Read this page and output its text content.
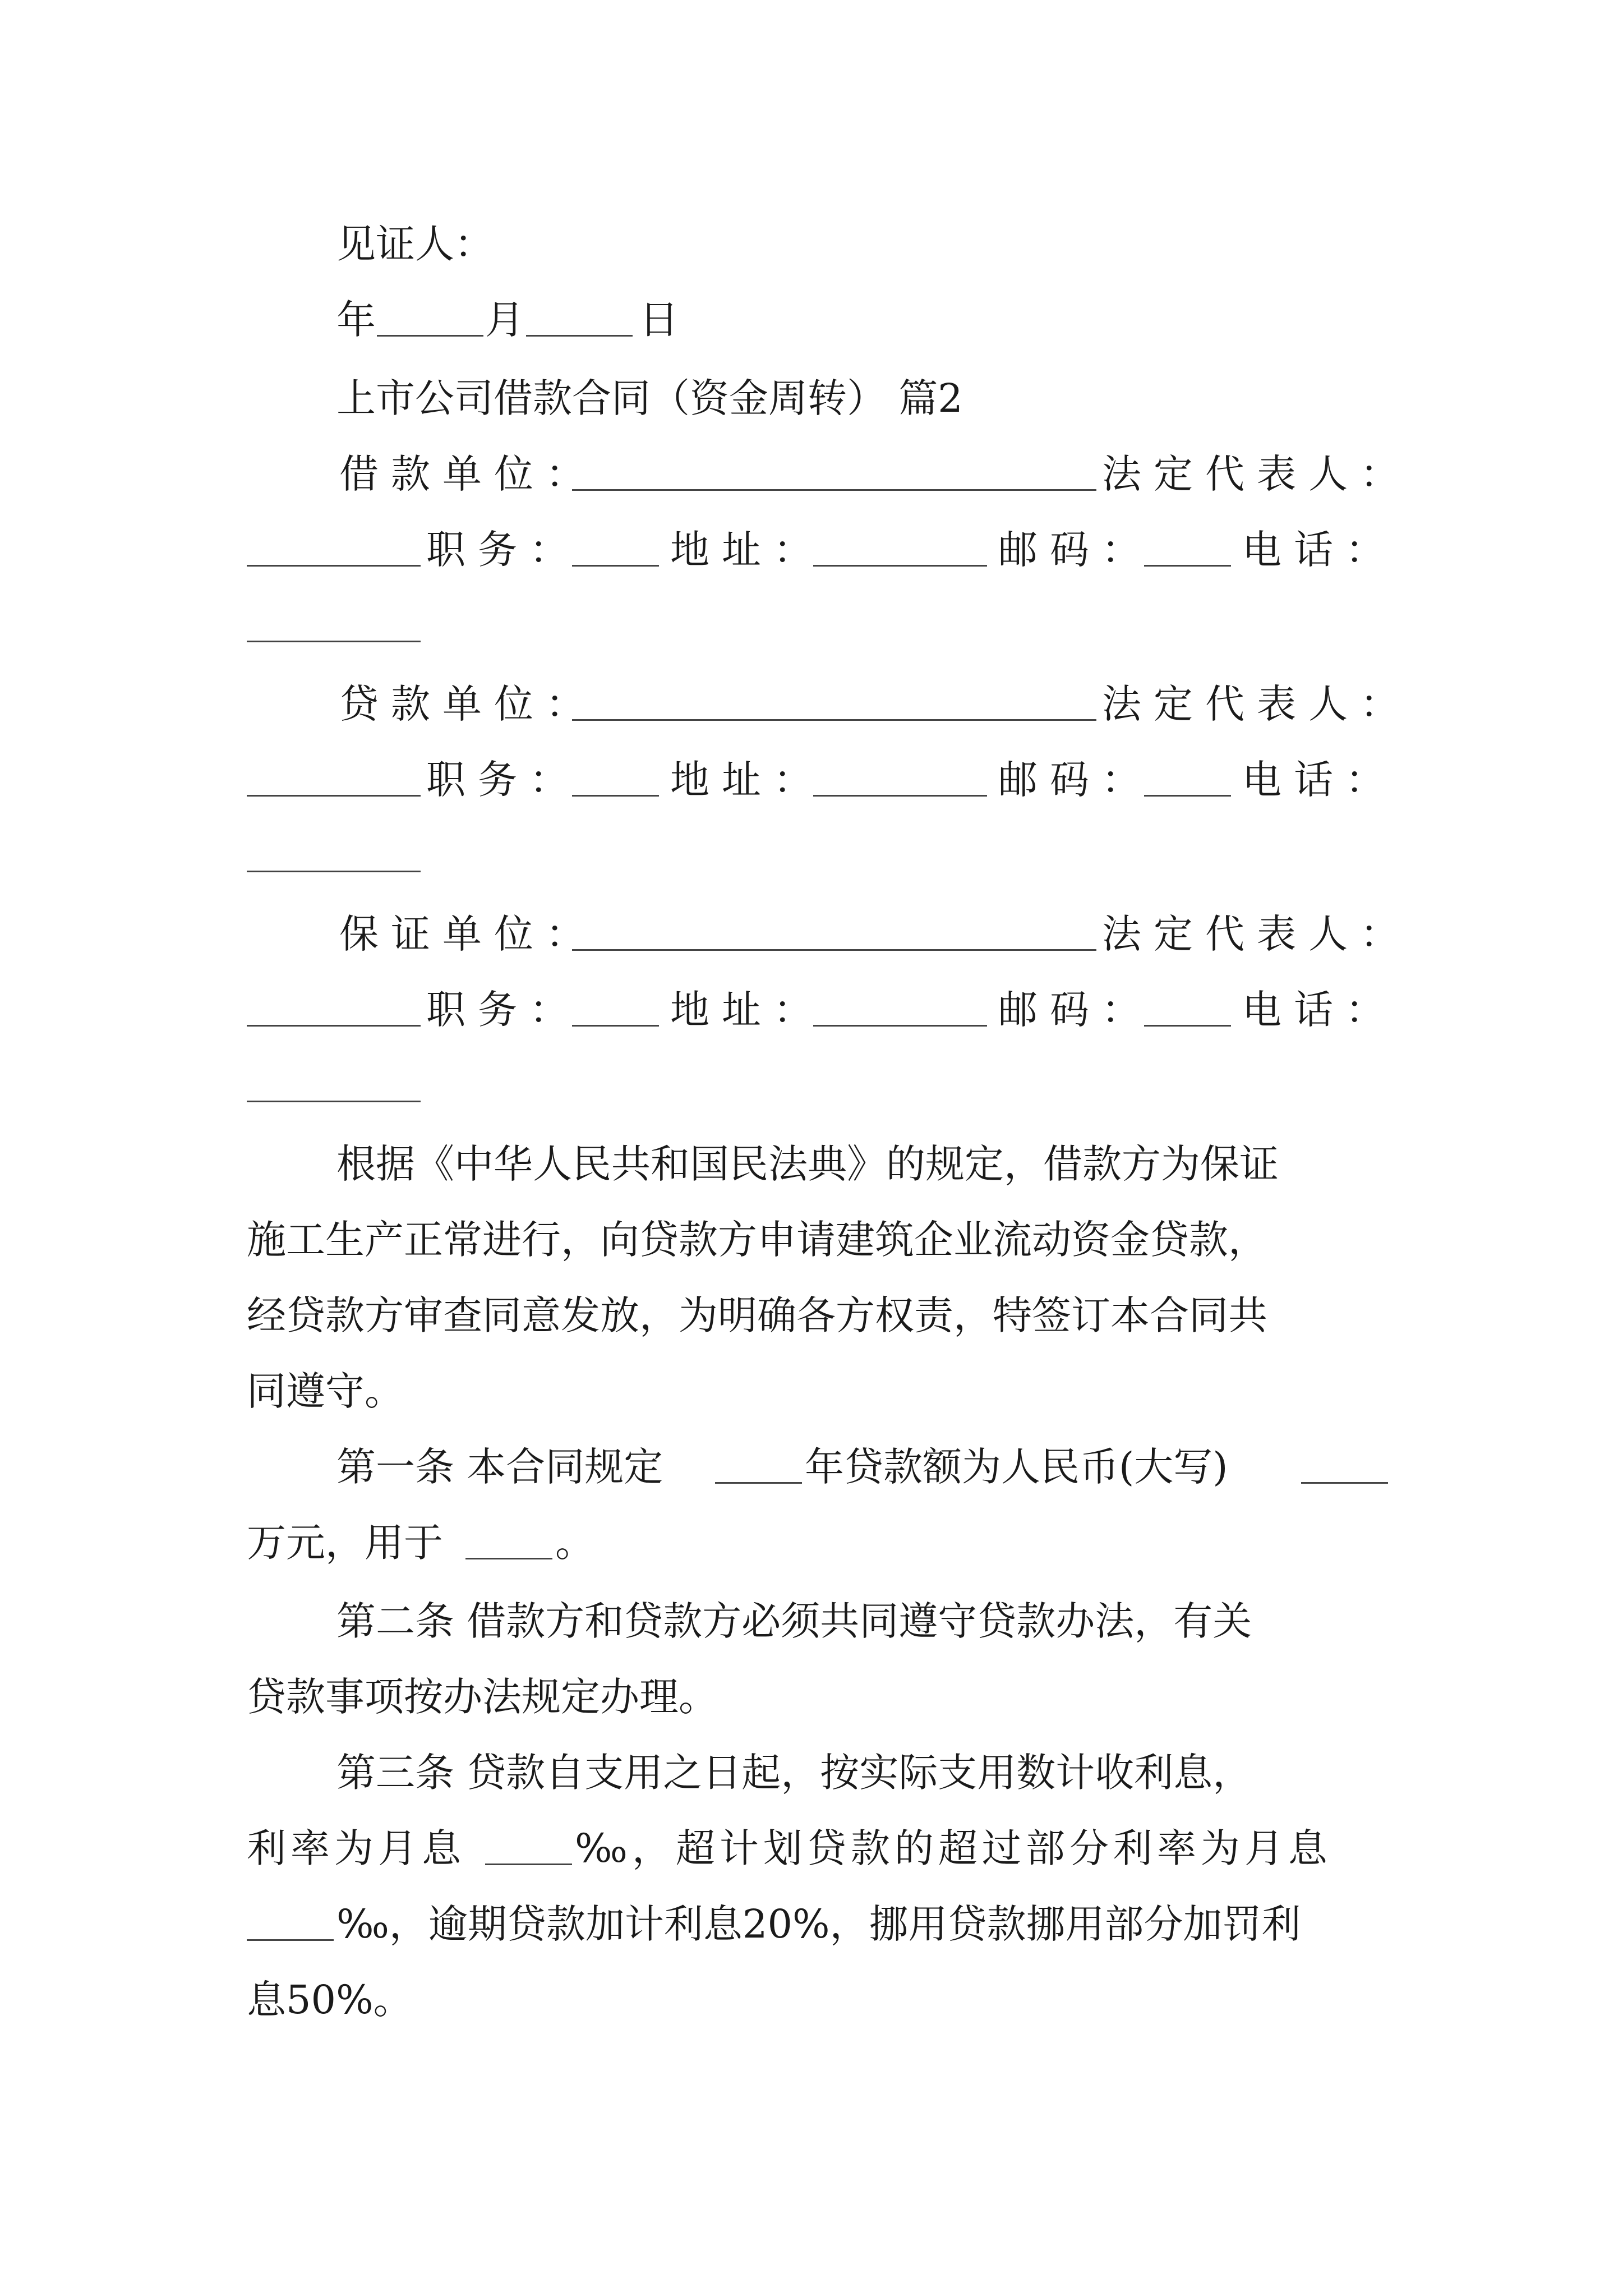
见证人：
年	月	日
上市公司借款合同（资金周转） 篇2
借款单位：	法定代表人：
职务： 地址：	邮码： 电话：
贷款单位：	法定代表人：
职务： 地址：	邮码： 电话：
保证单位：	法定代表人：
职务： 地址：	邮码： 电话：
根据《中华人民共和国民法典》的规定，借款方为保证
施工生产正常进行，向贷款方申请建筑企业流动资金贷款，
经贷款方审查同意发放，为明确各方权责，特签订本合同共
同遵守。
第一条 本合同规定	年贷款额为人民币(大写)
万元，用于	。
第二条 借款方和贷款方必须共同遵守贷款办法，有关
贷款事项按办法规定办理。
第三条 贷款自支用之日起，按实际支用数计收利息，
利率为月息	‰，超计划贷款的超过部分利率为月息
‰，逾期贷款加计利息20%，挪用贷款挪用部分加罚利
息50%。
